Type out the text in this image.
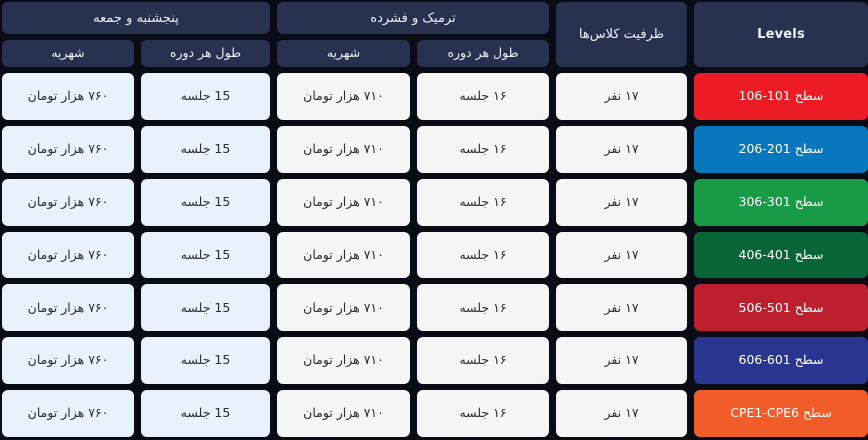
پنجشنبه و جمعه	ترمیک و فشرده
ظرفیت کلاس‌ها	Levels
شهریه	طول هر دوره	شهریه	طول هر دوره
۷۶۰ هزار تومان	15 جلسه	۷۱۰ هزار تومان	۱۶ جلسه	۱۷ نفر	سطح 101-106
۷۶۰ هزار تومان	15 جلسه	۷۱۰ هزار تومان	۱۶ جلسه	۱۷ نفر	سطح 201-206
۷۶۰ هزار تومان	15 جلسه	۷۱۰ هزار تومان	۱۶ جلسه	۱۷ نفر	سطح 301-306
۷۶۰ هزار تومان	15 جلسه	۷۱۰ هزار تومان	۱۶ جلسه	۱۷ نفر	سطح 401-406
۷۶۰ هزار تومان	15 جلسه	۷۱۰ هزار تومان	۱۶ جلسه	۱۷ نفر	سطح 501-506
۷۶۰ هزار تومان	15 جلسه	۷۱۰ هزار تومان	۱۶ جلسه	۱۷ نفر	سطح 601-606
۷۶۰ هزار تومان	15 جلسه	۷۱۰ هزار تومان	۱۶ جلسه	۱۷ نفر	سطح CPE1-CPE6
